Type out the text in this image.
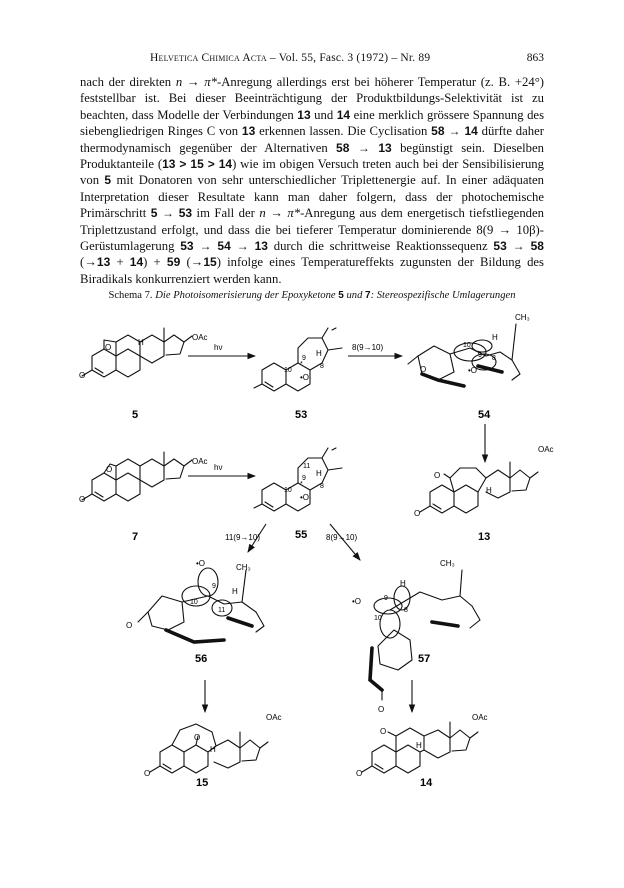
Helvetica Chimica Acta – Vol. 55, Fasc. 3 (1972) – Nr. 89	863
nach der direkten n → π*-Anregung allerdings erst bei höherer Temperatur (z. B. +24°) feststellbar ist. Bei dieser Beeinträchtigung der Produktbildungs-Selektivität ist zu beachten, dass Modelle der Verbindungen 13 und 14 eine merklich grössere Spannung des siebengliedrigen Ringes C von 13 erkennen lassen. Die Cyclisation 58 → 14 dürfte daher thermodynamisch gegenüber der Alternativen 58 → 13 begünstigt sein. Dieselben Produktanteile (13 > 15 > 14) wie im obigen Versuch treten auch bei der Sensibilisierung von 5 mit Donatoren von sehr unterschiedlicher Triplettenergie auf. In einer adäquaten Interpretation dieser Resultate kann man daher folgern, dass der photochemische Primärschritt 5 → 53 im Fall der n → π*-Anregung aus dem energetisch tiefstliegenden Triplettzustand erfolgt, und dass die bei tieferer Temperatur dominierende 8(9 → 10β)-Gerüstumlagerung 53 → 54 → 13 durch die schrittweise Reaktionssequenz 53 → 58 (→13 + 14) + 59 (→15) infolge eines Temperatureffekts zugunsten der Bildung des Biradikals konkurrenziert werden kann.
Schema 7. Die Photoisomerisierung der Epoxyketone 5 und 7: Stereospezifische Umlagerungen
O
O
H
OAc
5
hν
10
9
H
8
•O
*
53
8(9→10)
CH₃
H
O
10
9 8
•O
54
O
O
OAc
7
hν	11
10
9
H
8
•O
*
55
OAc
O
H
O
13
11(9→10)	8(9→10)
•O	CH₃
H
9
10
11
O
56
•O
CH₃
H
9
8
10
O
57
OAc
O
H
O
15
OAc
O
H
O
14
